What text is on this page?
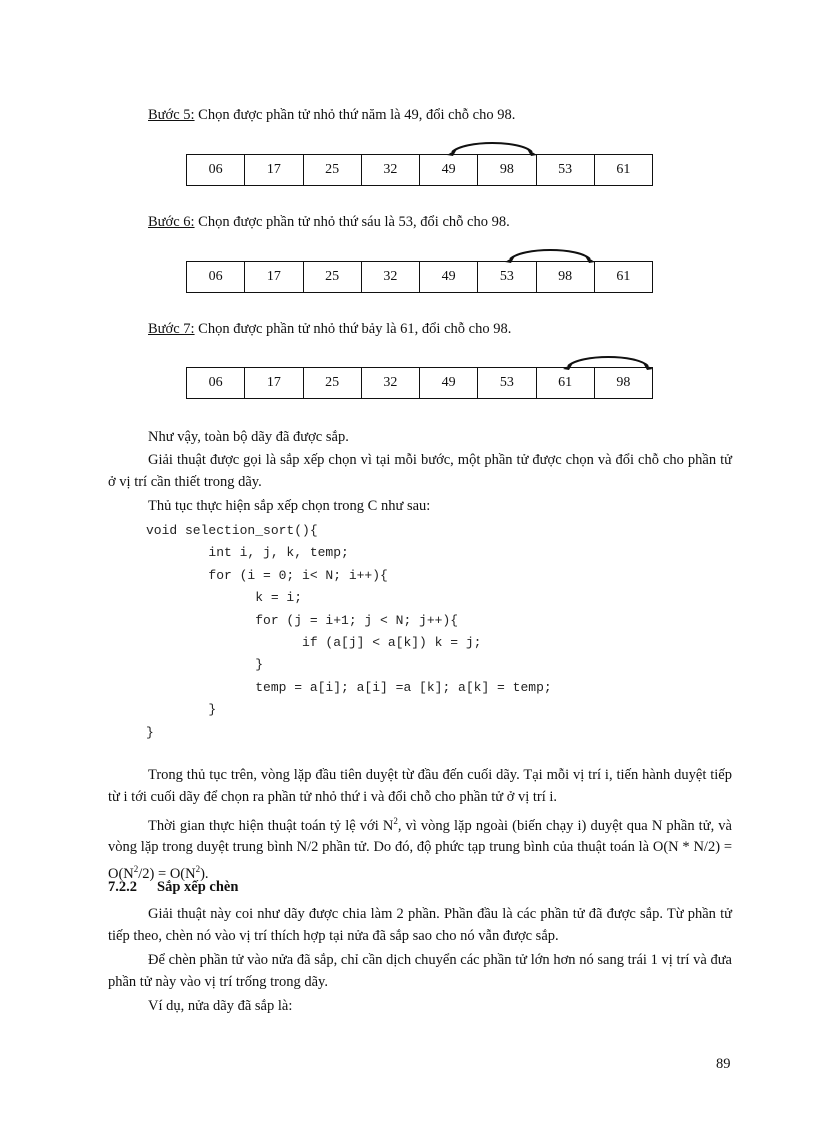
Bước 5: Chọn được phần tử nhỏ thứ năm là 49, đổi chỗ cho 98.
06	17	25	32	49	98	53	61
Bước 6: Chọn được phần tử nhỏ thứ sáu là 53, đổi chỗ cho 98.
06	17	25	32	49	53	98	61
Bước 7: Chọn được phần tử nhỏ thứ bảy là 61, đổi chỗ cho 98.
06	17	25	32	49	53	61	98

Như vậy, toàn bộ dãy đã được sắp.

Giải thuật được gọi là sắp xếp chọn vì tại mỗi bước, một phần tử được chọn và đổi chỗ cho phần tử ở vị trí cần thiết trong dãy.

Thủ tục thực hiện sắp xếp chọn trong C như sau:

void selection_sort(){
int i, j, k, temp;
for (i = 0; i< N; i++){
k = i;
for (j = i+1; j < N; j++){
if (a[j] < a[k]) k = j;
}
temp = a[i]; a[i] =a [k]; a[k] = temp;
}
}

Trong thủ tục trên, vòng lặp đầu tiên duyệt từ đầu đến cuối dãy. Tại mỗi vị trí i, tiến hành duyệt tiếp từ i tới cuối dãy để chọn ra phần tử nhỏ thứ i và đổi chỗ cho phần tử ở vị trí i.

Thời gian thực hiện thuật toán tỷ lệ với $N^2$, vì vòng lặp ngoài (biến chạy i) duyệt qua N phần tử, và vòng lặp trong duyệt trung bình N/2 phần tử. Do đó, độ phức tạp trung bình của thuật toán là $O(N * N/2) = O(N^2/2) = O(N^2)$.

7.2.2 Sắp xếp chèn

Giải thuật này coi như dãy được chia làm 2 phần. Phần đầu là các phần tử đã được sắp. Từ phần tử tiếp theo, chèn nó vào vị trí thích hợp tại nửa đã sắp sao cho nó vẫn được sắp.

Để chèn phần tử vào nửa đã sắp, chỉ cần dịch chuyển các phần tử lớn hơn nó sang trái 1 vị trí và đưa phần tử này vào vị trí trống trong dãy.

Ví dụ, nửa dãy đã sắp là:

89
